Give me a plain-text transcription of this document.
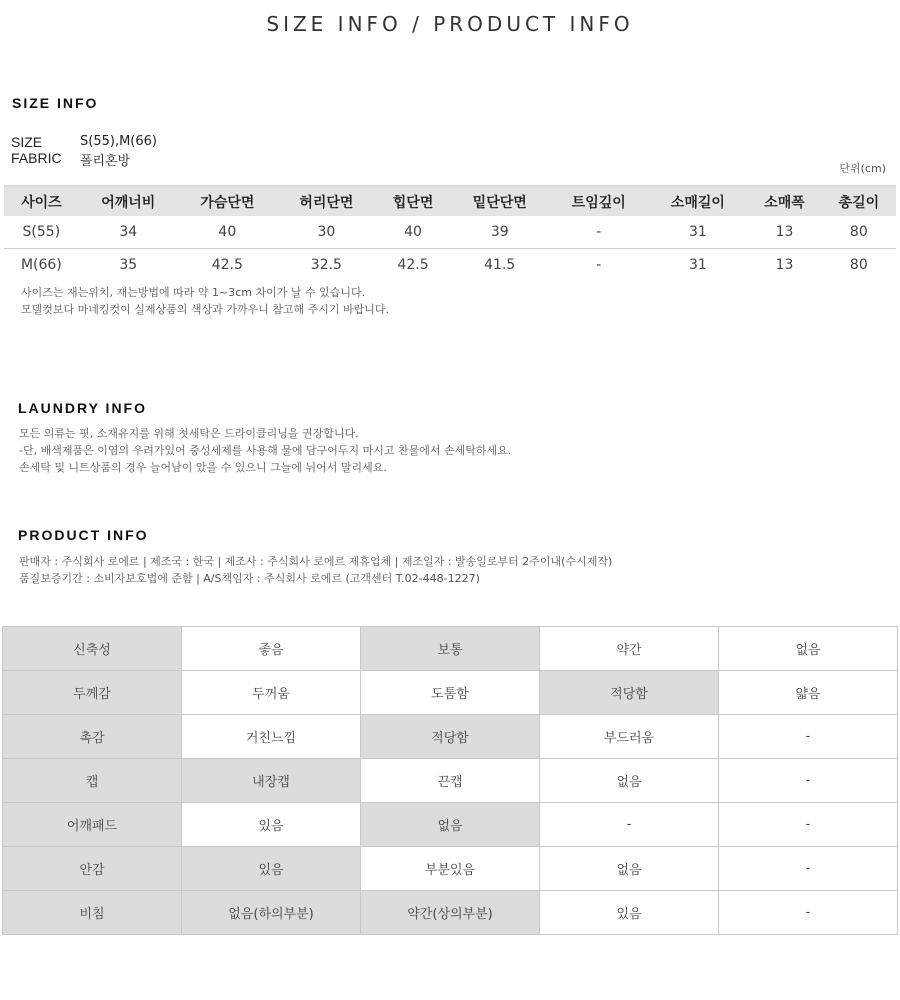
SIZE INFO / PRODUCT INFO
SIZE INFO
SIZE	S(55),M(66)
FABRIC	폴리혼방	단위(cm)
사이즈	어깨너비	가슴단면	허리단면	힙단면	밑단단면	트임깊이	소매길이	소매폭	총길이
S(55)	34	40	30	40	39	-	31	13	80
M(66)	35	42.5	32.5	42.5	41.5	-	31	13	80
사이즈는 재는위치, 재는방법에 따라 약 1~3cm 차이가 날 수 있습니다.
모델컷보다 마네킹컷이 실제상품의 색상과 가까우니 참고해 주시기 바랍니다.
LAUNDRY INFO
모든 의류는 핏, 소재유지를 위해 첫세탁은 드라이클리닝을 권장합니다.
-단, 배색제품은 이염의 우려가있어 중성세제를 사용해 물에 담구어두지 마시고 찬물에서 손세탁하세요.
손세탁 및 니트상품의 경우 늘어남이 았을 수 있으니 그늘에 뉘어서 말리세요.
PRODUCT INFO
판매자 : 주식회사 로에르 | 제조국 : 한국 | 제조사 : 주식회사 로에르 제휴업체 | 제조일자 : 발송일로부터 2주이내(수시제작)
품질보증기간 : 소비자보호법에 준함 | A/S책임자 : 주식회사 로에르 (고객센터 T.02-448-1227)
신축성	좋음	보통	약간	없음
두께감	두꺼움	도톰함	적당함	얇음
촉감	거친느낌	적당함	부드러움	-
캡	내장캡	끈캡	없음	-
어깨패드	있음	없음	-	-
안감	있음	부분있음	없음	-
비침	없음(하의부분)	약간(상의부분)	있음	-
